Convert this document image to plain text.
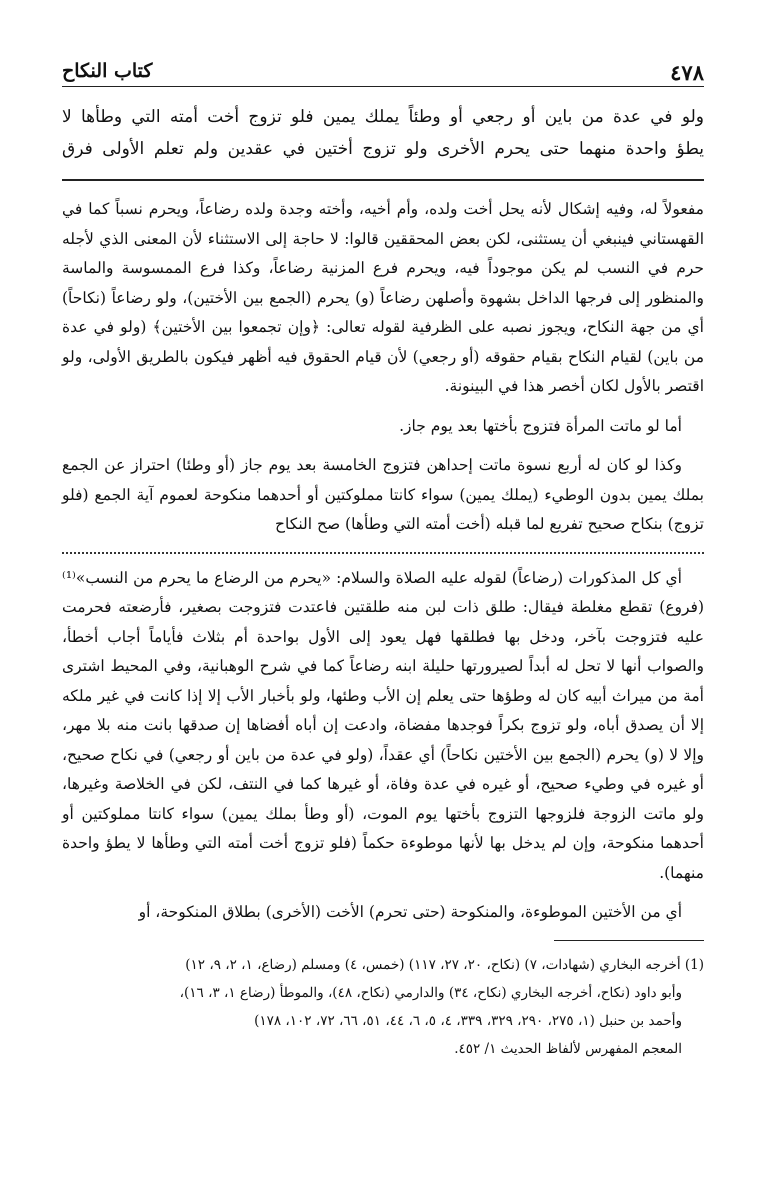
٤٧٨
كتاب النكاح

ولو في عدة من باين أو رجعي أو وطئاً يملك يمين فلو تزوج أخت أمته التي وطأها لا

يطؤ واحدة منهما حتى يحرم الأخرى ولو تزوج أختين في عقدين ولم تعلم الأولى فرق

مفعولاً له، وفيه إشكال لأنه يحل أخت ولده، وأم أخيه، وأخته وجدة ولده رضاعاً، ويحرم نسباً كما في القهستاني فينبغي أن يستثنى، لكن بعض المحققين قالوا: لا حاجة إلى الاستثناء لأن المعنى الذي لأجله حرم في النسب لم يكن موجوداً فيه، ويحرم فرع المزنية رضاعاً، وكذا فرع الممسوسة والماسة والمنظور إلى فرجها الداخل بشهوة وأصلهن رضاعاً (و) يحرم (الجمع بين الأختين)، ولو رضاعاً (نكاحاً) أي من جهة النكاح، ويجوز نصبه على الظرفية لقوله تعالى: ﴿وإن تجمعوا بين الأختين﴾ (ولو في عدة من باين) لقيام النكاح بقيام حقوقه (أو رجعي) لأن قيام الحقوق فيه أظهر فيكون بالطريق الأولى، ولو اقتصر بالأول لكان أخصر هذا في البينونة.

أما لو ماتت المرأة فتزوج بأختها بعد يوم جاز.

وكذا لو كان له أربع نسوة ماتت إحداهن فتزوج الخامسة بعد يوم جاز (أو وطئا) احتراز عن الجمع بملك يمين بدون الوطيء (يملك يمين) سواء كانتا مملوكتين أو أحدهما منكوحة لعموم آية الجمع (فلو تزوج) بنكاح صحيح تفريع لما قبله (أخت أمته التي وطأها) صح النكاح

أي كل المذكورات (رضاعاً) لقوله عليه الصلاة والسلام: «يحرم من الرضاع ما يحرم من النسب»⁽¹⁾ (فروع) تقطع مغلطة فيقال: طلق ذات لبن منه طلقتين فاعتدت فتزوجت بصغير، فأرضعته فحرمت عليه فتزوجت بآخر، ودخل بها فطلقها فهل يعود إلى الأول بواحدة أم بثلاث فأياماً أجاب أخطأ، والصواب أنها لا تحل له أبداً لصيرورتها حليلة ابنه رضاعاً كما في شرح الوهبانية، وفي المحيط اشترى أمة من ميراث أبيه كان له وطؤها حتى يعلم إن الأب وطئها، ولو بأخبار الأب إلا إذا كانت في غير ملكه إلا أن يصدق أباه، ولو تزوج بكراً فوجدها مفضاة، وادعت إن أباه أفضاها إن صدقها بانت منه بلا مهر، وإلا لا (و) يحرم (الجمع بين الأختين نكاحاً) أي عقداً، (ولو في عدة من باين أو رجعي) في نكاح صحيح، أو غيره في وطيء صحيح، أو غيره في عدة وفاة، أو غيرها كما في النتف، لكن في الخلاصة وغيرها، ولو ماتت الزوجة فلزوجها التزوج بأختها يوم الموت، (أو وطأ بملك يمين) سواء كانتا مملوكتين أو أحدهما منكوحة، وإن لم يدخل بها لأنها موطوءة حكماً (فلو تزوج أخت أمته التي وطأها لا يطؤ واحدة منهما).

أي من الأختين الموطوءة، والمنكوحة (حتى تحرم) الأخت (الأخرى) بطلاق المنكوحة، أو

(1) أخرجه البخاري (شهادات، ٧) (نكاح، ٢٠، ٢٧، ١١٧) (خمس، ٤) ومسلم (رضاع، ١، ٢، ٩، ١٢)

وأبو داود (نكاح، أخرجه البخاري (نكاح، ٣٤) والدارمي (نكاح، ٤٨)، والموطأ (رضاع ١، ٣، ١٦)،

وأحمد بن حنبل (١، ٢٧٥، ٢٩٠، ٣٢٩، ٣٣٩، ٤، ٥، ٦، ٤٤، ٥١، ٦٦، ٧٢، ١٠٢، ١٧٨)

المعجم المفهرس لألفاظ الحديث ١/ ٤٥٢.
